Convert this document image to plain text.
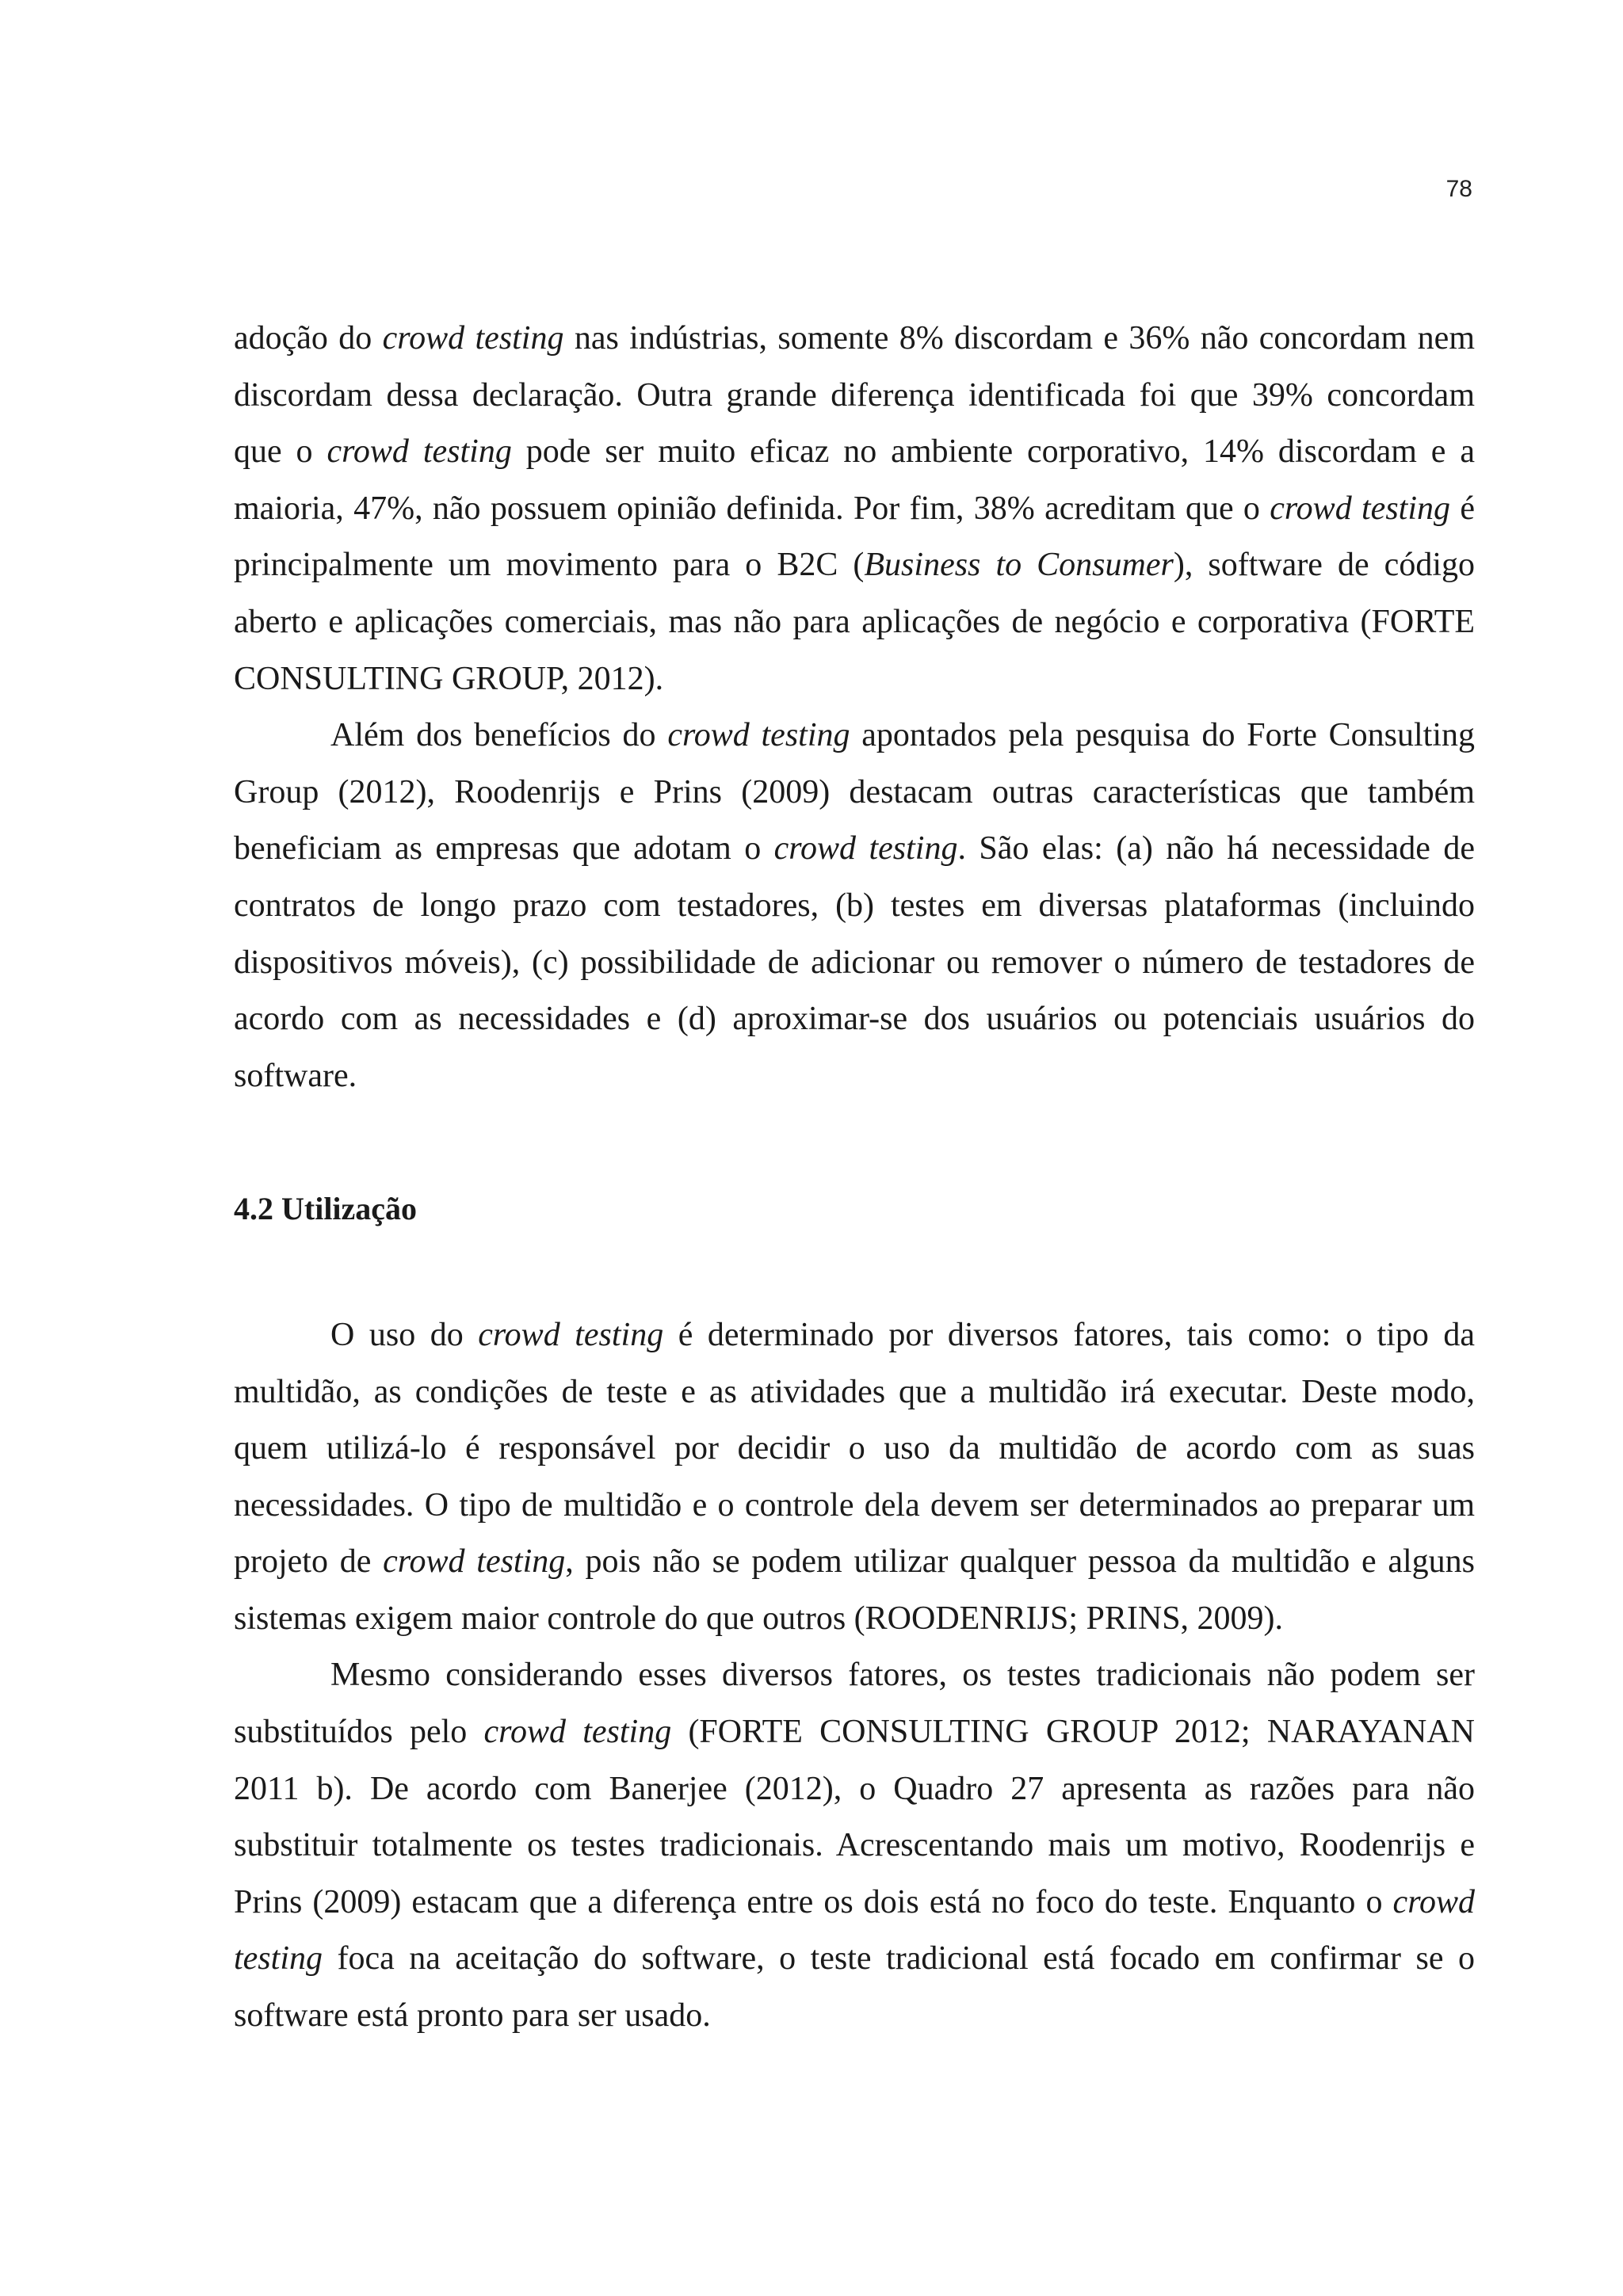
78

adoção do crowd testing nas indústrias, somente 8% discordam e 36% não concordam nem discordam dessa declaração. Outra grande diferença identificada foi que 39% concordam que o crowd testing pode ser muito eficaz no ambiente corporativo, 14% discordam e a maioria, 47%, não possuem opinião definida. Por fim, 38% acreditam que o crowd testing é principalmente um movimento para o B2C (Business to Consumer), software de código aberto e aplicações comerciais, mas não para aplicações de negócio e corporativa (FORTE CONSULTING GROUP, 2012).

Além dos benefícios do crowd testing apontados pela pesquisa do Forte Consulting Group (2012), Roodenrijs e Prins (2009) destacam outras características que também beneficiam as empresas que adotam o crowd testing. São elas: (a) não há necessidade de contratos de longo prazo com testadores, (b) testes em diversas plataformas (incluindo dispositivos móveis), (c) possibilidade de adicionar ou remover o número de testadores de acordo com as necessidades e (d) aproximar-se dos usuários ou potenciais usuários do software.

4.2 Utilização

O uso do crowd testing é determinado por diversos fatores, tais como: o tipo da multidão, as condições de teste e as atividades que a multidão irá executar. Deste modo, quem utilizá-lo é responsável por decidir o uso da multidão de acordo com as suas necessidades. O tipo de multidão e o controle dela devem ser determinados ao preparar um projeto de crowd testing, pois não se podem utilizar qualquer pessoa da multidão e alguns sistemas exigem maior controle do que outros (ROODENRIJS; PRINS, 2009).

Mesmo considerando esses diversos fatores, os testes tradicionais não podem ser substituídos pelo crowd testing (FORTE CONSULTING GROUP 2012; NARAYANAN 2011 b). De acordo com Banerjee (2012), o Quadro 27 apresenta as razões para não substituir totalmente os testes tradicionais. Acrescentando mais um motivo, Roodenrijs e Prins (2009) estacam que a diferença entre os dois está no foco do teste. Enquanto o crowd testing foca na aceitação do software, o teste tradicional está focado em confirmar se o software está pronto para ser usado.
